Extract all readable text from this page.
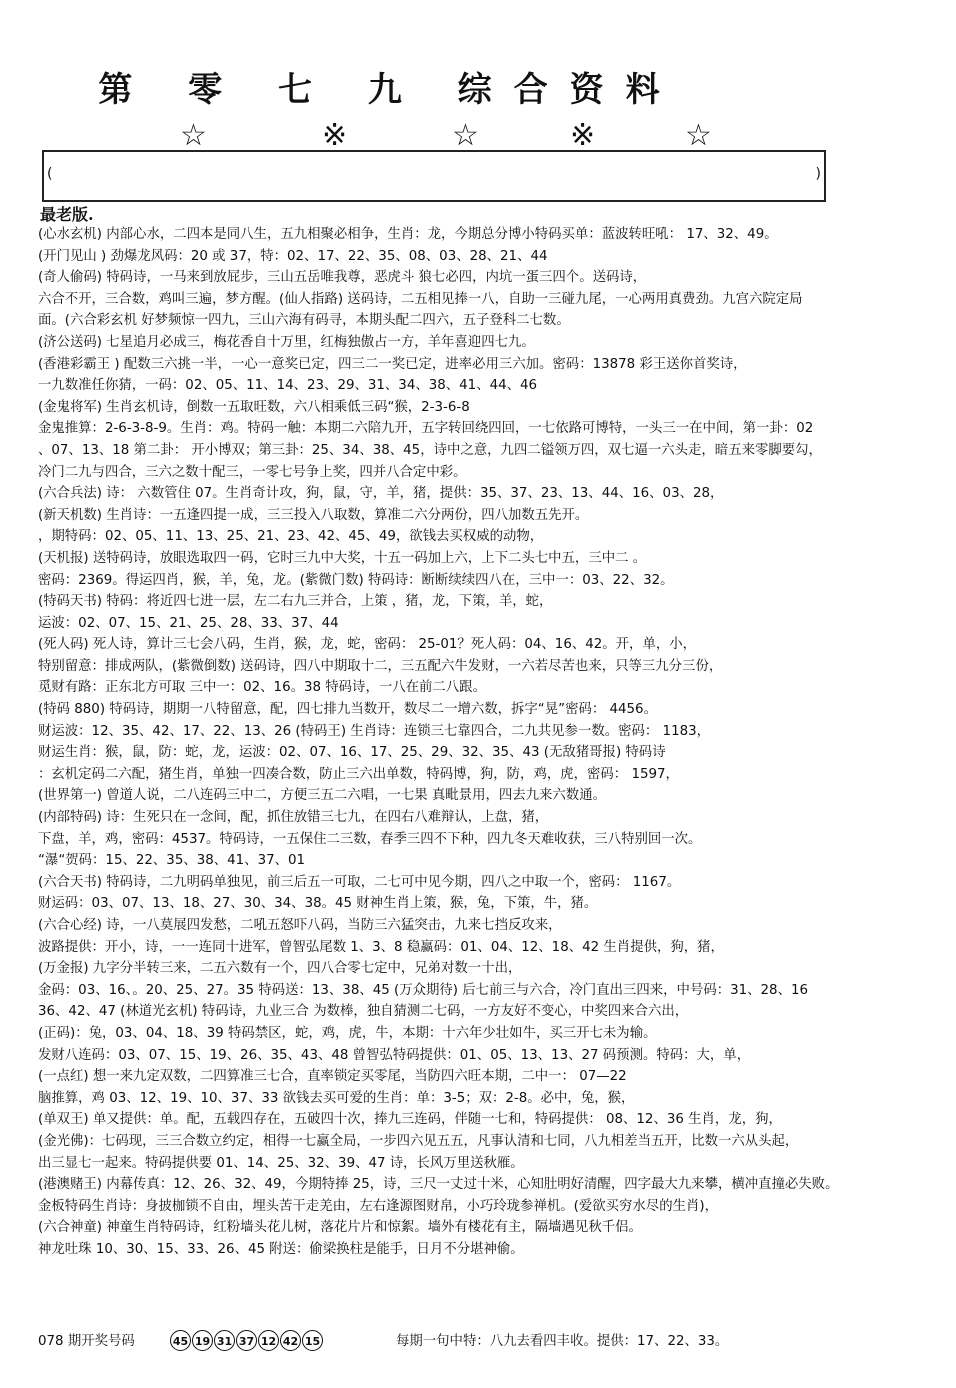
第 零 七 九 综合资料
☆	※	☆	※	☆
(	)
最老版.
(心水玄机) 内部心水，二四本是同八生，五九相聚必相争，生肖：龙，今期总分博小特码买单：蓝波转旺吼： 17、32、49。
(开门见山 ) 劲爆龙风码：20 或 37，特：02、17、22、35、08、03、28、21、44
(奇人偷码) 特码诗，一马来到放屁步，三山五岳唯我尊，恶虎斗 狼七必四，内坑一蛋三四个。送码诗，
六合不开，三合数，鸡叫三遍，梦方醒。(仙人指路) 送码诗，二五相见捧一八，自助一三碰九尾，一心两用真费劲。九宫六院定局
面。(六合彩玄机 好梦频惊一四九，三山六海有码寻，本期头配二四六，五子登科二七数。
(济公送码) 七星追月必成三，梅花香自十万里，红梅独傲占一方，羊年喜迎四七九。
(香港彩霸王 ) 配数三六挑一半，一心一意奖已定，四三二一奖已定，进率必用三六加。密码：13878 彩王送你首奖诗，
一九数准任你猜，一码：02、05、11、14、23、29、31、34、38、41、44、46
(金鬼将军) 生肖玄机诗，倒数一五取旺数，六八相乘低三码“猴，2-3-6-8
金鬼推算：2-6-3-8-9。生肖：鸡。特码一触：本期二六陪九开，五字转回绕四回，一七依路可博特，一头三一在中间，第一卦：02
、07、13、18 第二卦： 开小博双；第三卦：25、34、38、45，诗中之意，九四二镒领万四，双七逼一六头走，暗五来零脚要勾，
冷门二九与四合，三六之数十配三，一零七号争上奖，四并八合定中彩。
(六合兵法) 诗： 六数管住 07。生肖奇计攻，狗，鼠，守，羊，猪，提供：35、37、23、13、44、16、03、28，
(新天机数) 生肖诗：一五逢四提一成，三三投入八取数，算准二六分两份，四八加数五先开。
，期特码：02、05、11、13、25、21、23、42、45、49，欲钱去买权威的动物，
(天机报) 送特码诗，放眼选取四一码，它时三九中大奖，十五一码加上六，上下二头七中五，三中二 。
密码：2369。得运四肖，猴，羊，兔，龙。(紫微门数) 特码诗：断断续续四八在，三中一：03、22、32。
(特码天书) 特码：将近四七进一层，左二右九三并合，上策 ，猪，龙，下策，羊，蛇，
运波：02、07、15、21、25、28、33、37、44
(死人码) 死人诗，算计三七会八码，生肖，猴，龙，蛇，密码： 25-01？死人码：04、16、42。开，单，小，
特别留意：排成两队，(紫微倒数) 送码诗，四八中期取十二，三五配六牛发财，一六若尽苦也来，只等三九分三份，
觅财有路：正东北方可取 三中一：02、16。38 特码诗，一八在前二八跟。
(特码 880) 特码诗，期期一八特留意，配，四七排九当数开，数尽二一增六数，拆字“晃”密码： 4456。
财运波：12、35、42、17、22、13、26 (特码王) 生肖诗：连锁三七靠四合，二九共见参一数。密码： 1183，
财运生肖：猴，鼠，防：蛇，龙，运波：02、07、16、17、25、29、32、35、43 (无敌猪哥报) 特码诗
：玄机定码二六配，猪生肖，单独一四凑合数，防止三六出单数，特码博，狗，防，鸡，虎，密码： 1597，
(世界第一) 曾道人说，二八连码三中二，方便三五二六唱，一七果 真毗景用，四去九来六数通。
(内部特码) 诗：生死只在一念间，配，抓住放错三七九，在四右八难辩认，上盘，猪，
下盘，羊，鸡，密码：4537。特码诗，一五保住二三数，春季三四不下种，四九冬天难收获，三八特别回一次。
“瀑“贺码：15、22、35、38、41、37、01
(六合天书) 特码诗，二九明码单独见，前三后五一可取，二七可中见今期，四八之中取一个，密码： 1167。
财运码：03、07、13、18、27、30、34、38。45 财神生肖上策，猴，兔，下策，牛，猪。
(六合心经) 诗，一八莫展四发愁，二吼五怒吓八码，当防三六猛突击，九来七挡反攻来，
波路提供：开小，诗，一一连同十进军，曾智弘尾数 1、3、8 稳赢码：01、04、12、18、42 生肖提供，狗，猪，
(万金报) 九字分半转三来，二五六数有一个，四八合零七定中，兄弟对数一十出，
金码：03、16、。20、25、27。35 特码送：13、38、45 (万众期待) 后七前三与六合，冷门直出三四来，中号码：31、28、16
36、42、47 (林道光玄机) 特码诗，九业三合 为数棒，独自猜测二七码，一方友好不变心，中奖四来合六出，
(正码)：兔，03、04、18、39 特码禁区，蛇，鸡，虎，牛，本期：十六年少壮如牛，买三开七未为输。
发财八连码：03、07、15、19、26、35、43、48 曾智弘特码提供：01、05、13、13、27 码预测。特码：大，单，
(一点红) 想一来九定双数，二四算准三七合，直率锁定买零尾，当防四六旺本期，二中一： 07—22
脑推算，鸡 03、12、19、10、37、33 欲钱去买可爱的生肖：单：3-5；双：2-8。必中，兔，猴，
(单双王) 单又提供：单。配，五载四存在，五破四十次，捧九三连码，伴随一七和，特码提供： 08、12、36 生肖，龙，狗，
(金光佛)：七码现，三三合数立约定，相得一七赢全局，一步四六见五五，凡事认清和七同，八九相差当五开，比数一六从头起，
出三显七一起来。特码提供要 01、14、25、32、39、47 诗，长风万里送秋雁。
(港澳赌王) 内幕传真：12、26、32、49，今期特捧 25，诗，三尺一丈过十米，心知肚明好清醒，四字最大九来攀，横冲直撞必失败。
金板特码生肖诗：身披枷锁不自由，埋头苦干走羌由，左右逢源图财帛，小巧玲珑参禅机。(爱欲买穷水尽的生肖)，
(六合神童) 神童生肖特码诗，红粉墙头花儿树，落花片片和惊絮。墙外有楼花有主，隔墙遇见秋千侣。
神龙吐珠 10、30、15、33、26、45 附送：偷梁换柱是能手，日月不分堪神偷。
078 期开奖号码	45 19 31 37 12 42 15	每期一句中特：八九去看四丰收。提供：17、22、33。
